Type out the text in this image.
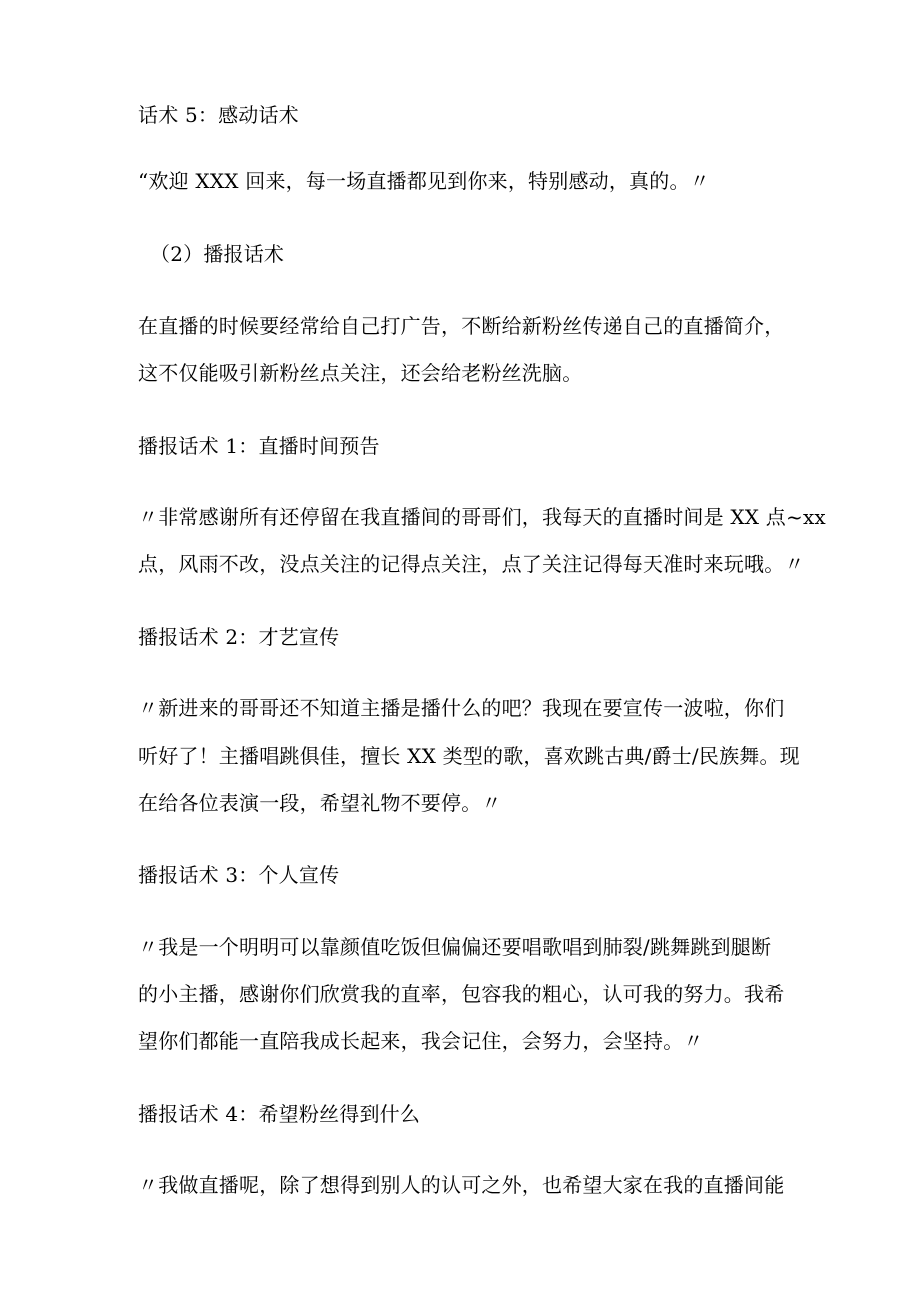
话术 5：感动话术
“欢迎 XXX 回来，每一场直播都见到你来，特别感动，真的。〃
（2）播报话术
在直播的时候要经常给自己打广告，不断给新粉丝传递自己的直播简介，
这不仅能吸引新粉丝点关注，还会给老粉丝洗脑。
播报话术 1：直播时间预告
〃非常感谢所有还停留在我直播间的哥哥们，我每天的直播时间是 XX 点~xx
点，风雨不改，没点关注的记得点关注，点了关注记得每天准时来玩哦。〃
播报话术 2：才艺宣传
〃新进来的哥哥还不知道主播是播什么的吧？我现在要宣传一波啦，你们
听好了！主播唱跳俱佳，擅长 XX 类型的歌，喜欢跳古典/爵士/民族舞。现
在给各位表演一段，希望礼物不要停。〃
播报话术 3：个人宣传
〃我是一个明明可以靠颜值吃饭但偏偏还要唱歌唱到肺裂/跳舞跳到腿断
的小主播，感谢你们欣赏我的直率，包容我的粗心，认可我的努力。我希
望你们都能一直陪我成长起来，我会记住，会努力，会坚持。〃
播报话术 4：希望粉丝得到什么
〃我做直播呢，除了想得到别人的认可之外，也希望大家在我的直播间能
